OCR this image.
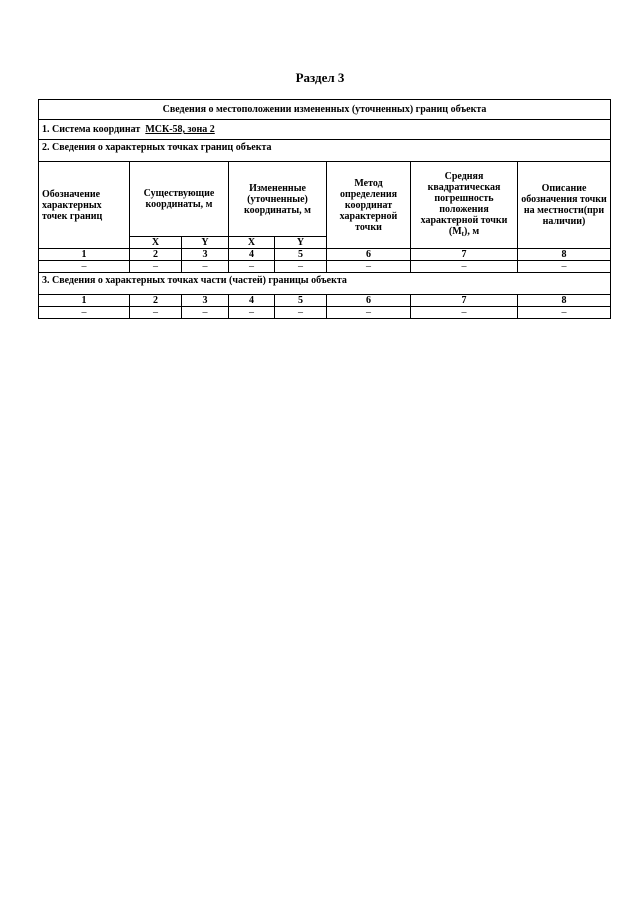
Раздел 3
Сведения о местоположении измененных (уточненных) границ объекта							
1. Система координат МСК-58, зона 2							
2. Сведения о характерных точках границ объекта							
Обозначение характерных точек границ	Существующие координаты, м		Измененные (уточненные) координаты, м		Метод определения координат характерной точки	Средняя квадратическая погрешность положения характерной точки $(M_t)$, м	Описание обозначения точки на местности(при наличии)
	X	Y	X	Y			
1	2	3	4	5	6	7	8
–	–	–	–	–	–	–	–
3. Сведения о характерных точках части (частей) границы объекта							
1	2	3	4	5	6	7	8
–	–	–	–	–	–	–	–
